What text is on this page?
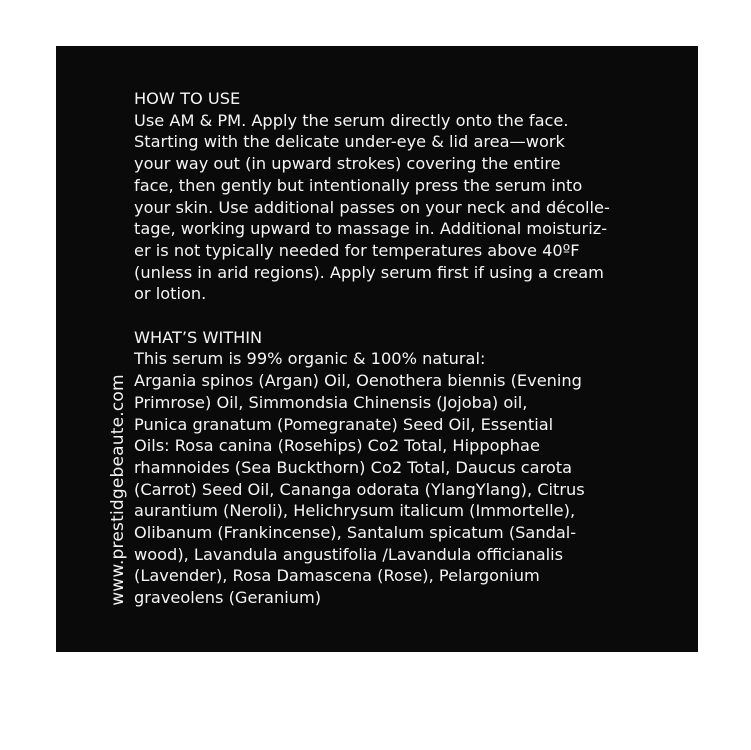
www.prestidgebeaute.com
HOW TO USE
Use AM & PM. Apply the serum directly onto the face.
Starting with the delicate under-eye & lid area—work
your way out (in upward strokes) covering the entire
face, then gently but intentionally press the serum into
your skin. Use additional passes on your neck and décolle-
tage, working upward to massage in. Additional moisturiz-
er is not typically needed for temperatures above 40ºF
(unless in arid regions). Apply serum first if using a cream
or lotion.
WHAT’S WITHIN
This serum is 99% organic & 100% natural:
Argania spinos (Argan) Oil, Oenothera biennis (Evening
Primrose) Oil, Simmondsia Chinensis (Jojoba) oil,
Punica granatum (Pomegranate) Seed Oil, Essential
Oils: Rosa canina (Rosehips) Co2 Total, Hippophae
rhamnoides (Sea Buckthorn) Co2 Total, Daucus carota
(Carrot) Seed Oil, Cananga odorata (YlangYlang), Citrus
aurantium (Neroli), Helichrysum italicum (Immortelle),
Olibanum (Frankincense), Santalum spicatum (Sandal-
wood), Lavandula angustifolia /Lavandula oﬃcianalis
(Lavender), Rosa Damascena (Rose), Pelargonium
graveolens (Geranium)
